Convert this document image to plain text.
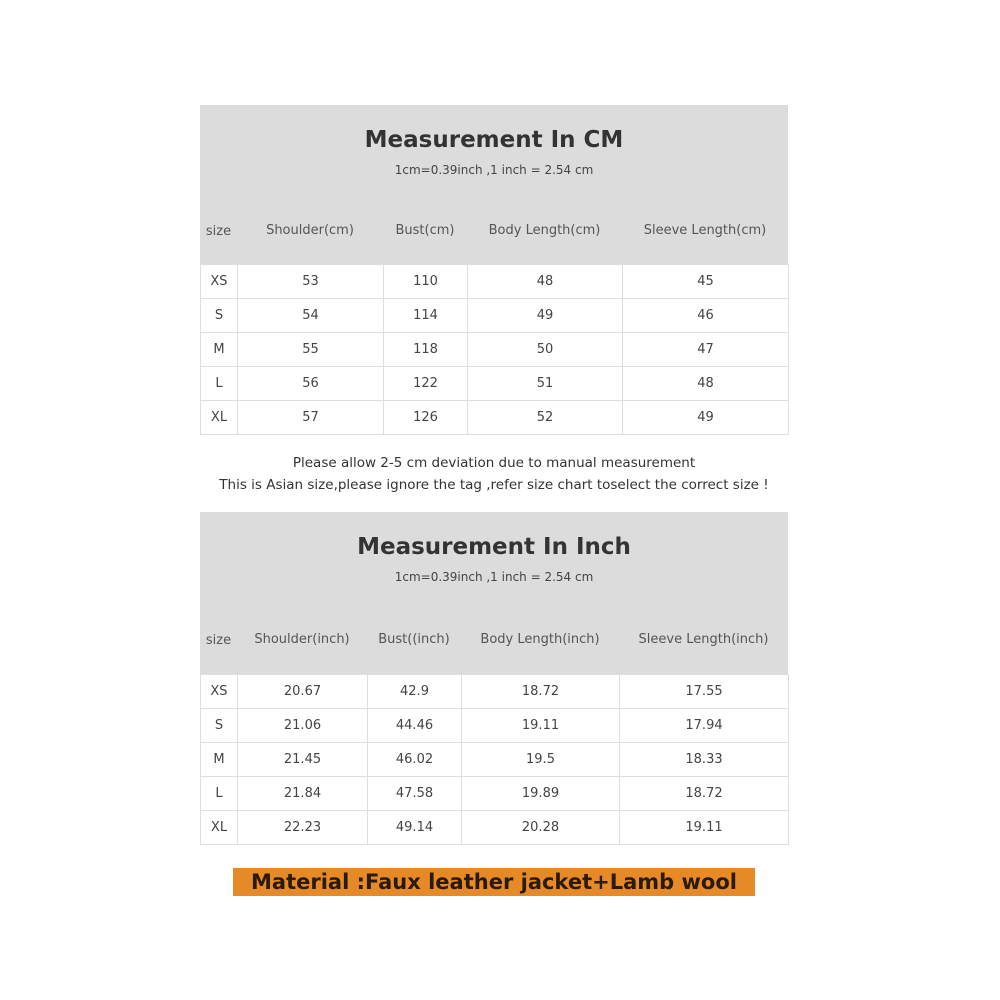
Measurement In CM
1cm=0.39inch ,1 inch = 2.54 cm
size	Shoulder(cm)	Bust(cm)	Body Length(cm)	Sleeve Length(cm)
XS	53	110	48	45
S	54	114	49	46
M	55	118	50	47
L	56	122	51	48
XL	57	126	52	49
Please allow 2-5 cm deviation due to manual measurement
This is Asian size,please ignore the tag ,refer size chart toselect the correct size !
Measurement In Inch
1cm=0.39inch ,1 inch = 2.54 cm
size	Shoulder(inch)	Bust((inch)	Body Length(inch)	Sleeve Length(inch)
XS	20.67	42.9	18.72	17.55
S	21.06	44.46	19.11	17.94
M	21.45	46.02	19.5	18.33
L	21.84	47.58	19.89	18.72
XL	22.23	49.14	20.28	19.11
Material :Faux leather jacket+Lamb wool
